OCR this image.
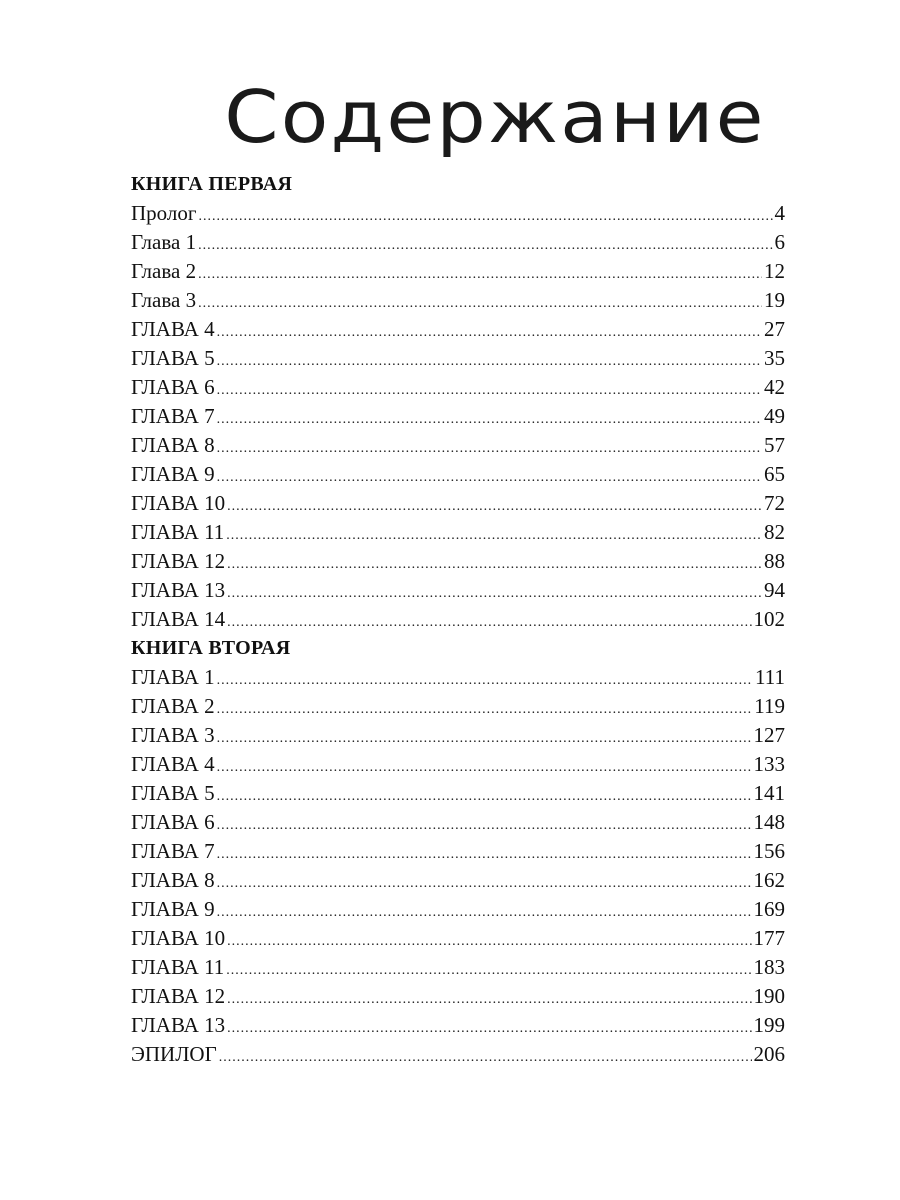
Содержание
КНИГА ПЕРВАЯ
Пролог .....	4
Глава 1 .....	6
Глава 2 .....	12
Глава 3 .....	19
ГЛАВА 4 .....	27
ГЛАВА 5 .....	35
ГЛАВА 6 .....	42
ГЛАВА 7 .....	49
ГЛАВА 8 .....	57
ГЛАВА 9 .....	65
ГЛАВА 10 .....	72
ГЛАВА 11 .....	82
ГЛАВА 12 .....	88
ГЛАВА 13 .....	94
ГЛАВА 14 .....	102
КНИГА ВТОРАЯ
ГЛАВА 1 .....	111
ГЛАВА 2 .....	119
ГЛАВА 3 .....	127
ГЛАВА 4 .....	133
ГЛАВА 5 .....	141
ГЛАВА 6 .....	148
ГЛАВА 7 .....	156
ГЛАВА 8 .....	162
ГЛАВА 9 .....	169
ГЛАВА 10 .....	177
ГЛАВА 11 .....	183
ГЛАВА 12 .....	190
ГЛАВА 13 .....	199
ЭПИЛОГ .....	206
